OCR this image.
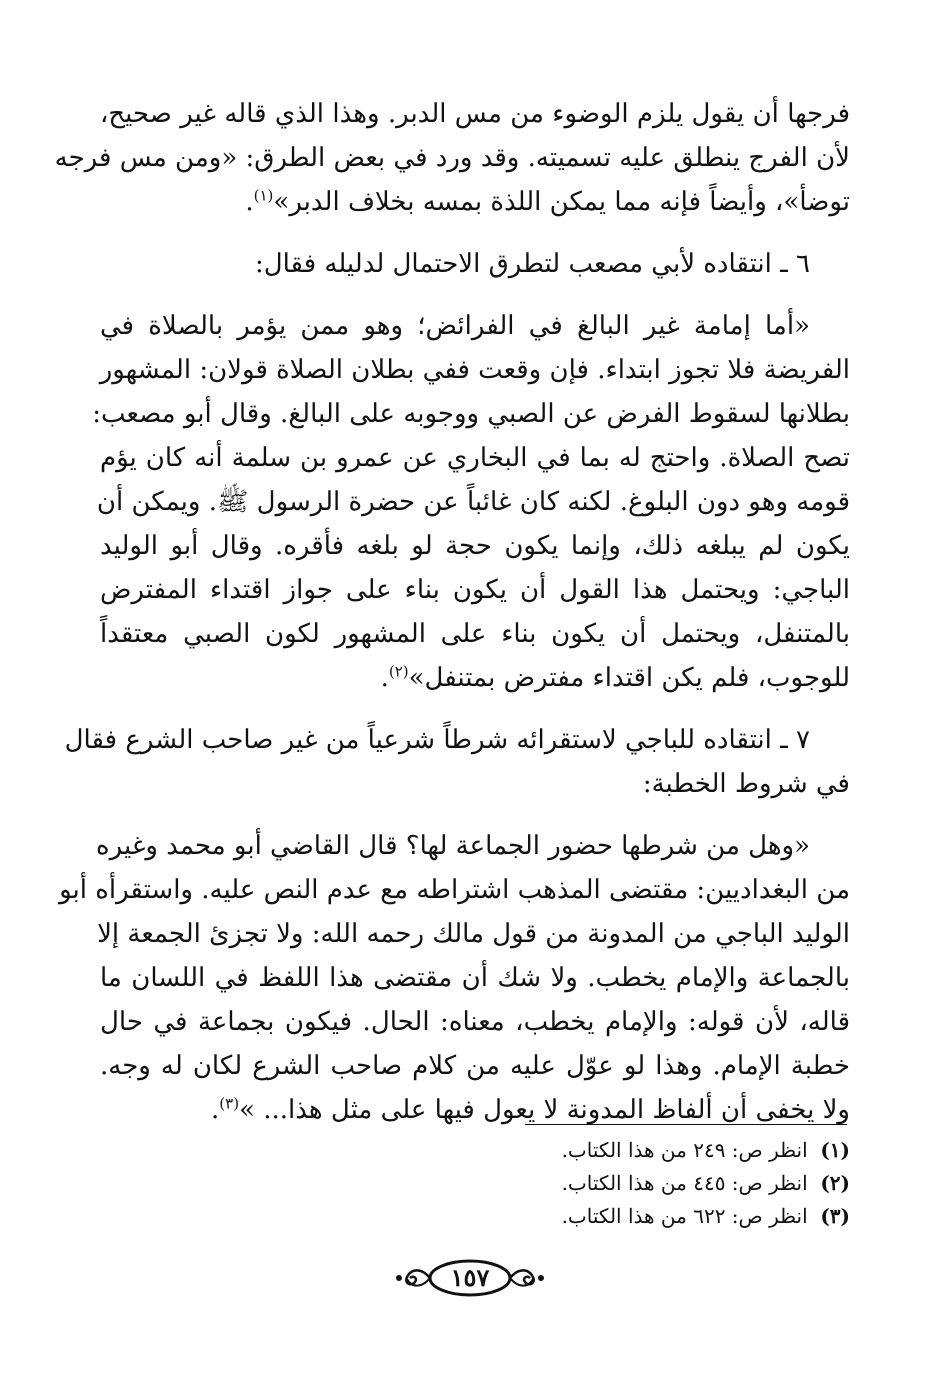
فرجها أن يقول يلزم الوضوء من مس الدبر. وهذا الذي قاله غير صحيح،
لأن الفرج ينطلق عليه تسميته. وقد ورد في بعض الطرق: «ومن مس فرجه
توضأ»، وأيضاً فإنه مما يمكن اللذة بمسه بخلاف الدبر»$^{(١)}$.
٦ ـ انتقاده لأبي مصعب لتطرق الاحتمال لدليله فقال:
«أما إمامة غير البالغ في الفرائض؛ وهو ممن يؤمر بالصلاة في
الفريضة فلا تجوز ابتداء. فإن وقعت ففي بطلان الصلاة قولان: المشهور
بطلانها لسقوط الفرض عن الصبي ووجوبه على البالغ. وقال أبو مصعب:
تصح الصلاة. واحتج له بما في البخاري عن عمرو بن سلمة أنه كان يؤم
قومه وهو دون البلوغ. لكنه كان غائباً عن حضرة الرسول ﷺ. ويمكن أن
يكون لم يبلغه ذلك، وإنما يكون حجة لو بلغه فأقره. وقال أبو الوليد
الباجي: ويحتمل هذا القول أن يكون بناء على جواز اقتداء المفترض
بالمتنفل، ويحتمل أن يكون بناء على المشهور لكون الصبي معتقداً
للوجوب، فلم يكن اقتداء مفترض بمتنفل»$^{(٢)}$.
٧ ـ انتقاده للباجي لاستقرائه شرطاً شرعياً من غير صاحب الشرع فقال
في شروط الخطبة:
«وهل من شرطها حضور الجماعة لها؟ قال القاضي أبو محمد وغيره
من البغداديين: مقتضى المذهب اشتراطه مع عدم النص عليه. واستقرأه أبو
الوليد الباجي من المدونة من قول مالك رحمه الله: ولا تجزئ الجمعة إلا
بالجماعة والإمام يخطب. ولا شك أن مقتضى هذا اللفظ في اللسان ما
قاله، لأن قوله: والإمام يخطب، معناه: الحال. فيكون بجماعة في حال
خطبة الإمام. وهذا لو عوّل عليه من كلام صاحب الشرع لكان له وجه.
ولا يخفى أن ألفاظ المدونة لا يعول فيها على مثل هذا... »$^{(٣)}$.
(١) انظر ص: ٢٤٩ من هذا الكتاب.
(٢) انظر ص: ٤٤٥ من هذا الكتاب.
(٣) انظر ص: ٦٢٢ من هذا الكتاب.
١٥٧
